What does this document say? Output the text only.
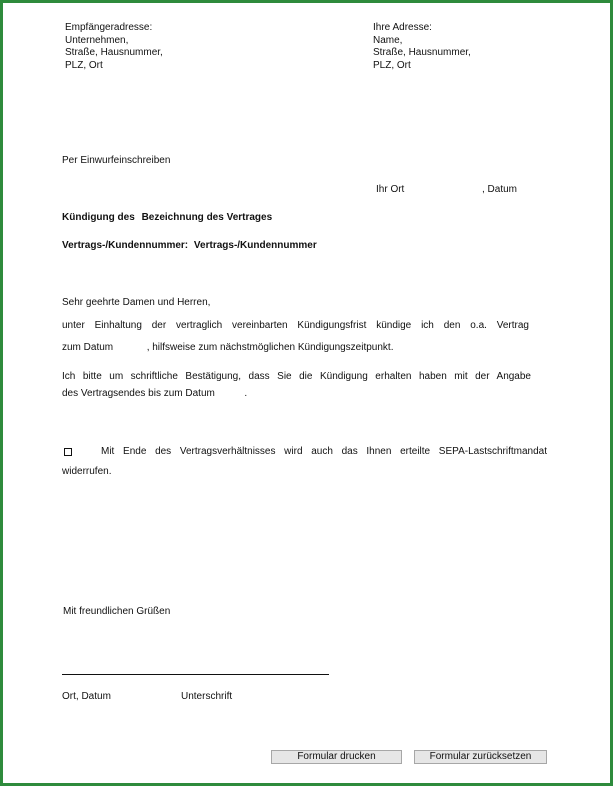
Empfängeradresse:
Unternehmen,
Straße, Hausnummer,
PLZ, Ort
Ihre Adresse:
Name,
Straße, Hausnummer,
PLZ, Ort
Per Einwurfeinschreiben
Ihr Ort	, Datum
Kündigung des Bezeichnung des Vertrages
Vertrags-/Kundennummer: Vertrags-/Kundennummer
Sehr geehrte Damen und Herren,
unter Einhaltung der vertraglich vereinbarten Kündigungsfrist kündige ich den o.a. Vertrag
zum Datum	, hilfsweise zum nächstmöglichen Kündigungszeitpunkt.
Ich bitte um schriftliche Bestätigung, dass Sie die Kündigung erhalten haben mit der Angabe
des Vertragsendes bis zum Datum	.
Mit Ende des Vertragsverhältnisses wird auch das Ihnen erteilte SEPA-Lastschriftmandat
widerrufen.
Mit freundlichen Grüßen
Ort, Datum	Unterschrift
Formular drucken	Formular zurücksetzen
